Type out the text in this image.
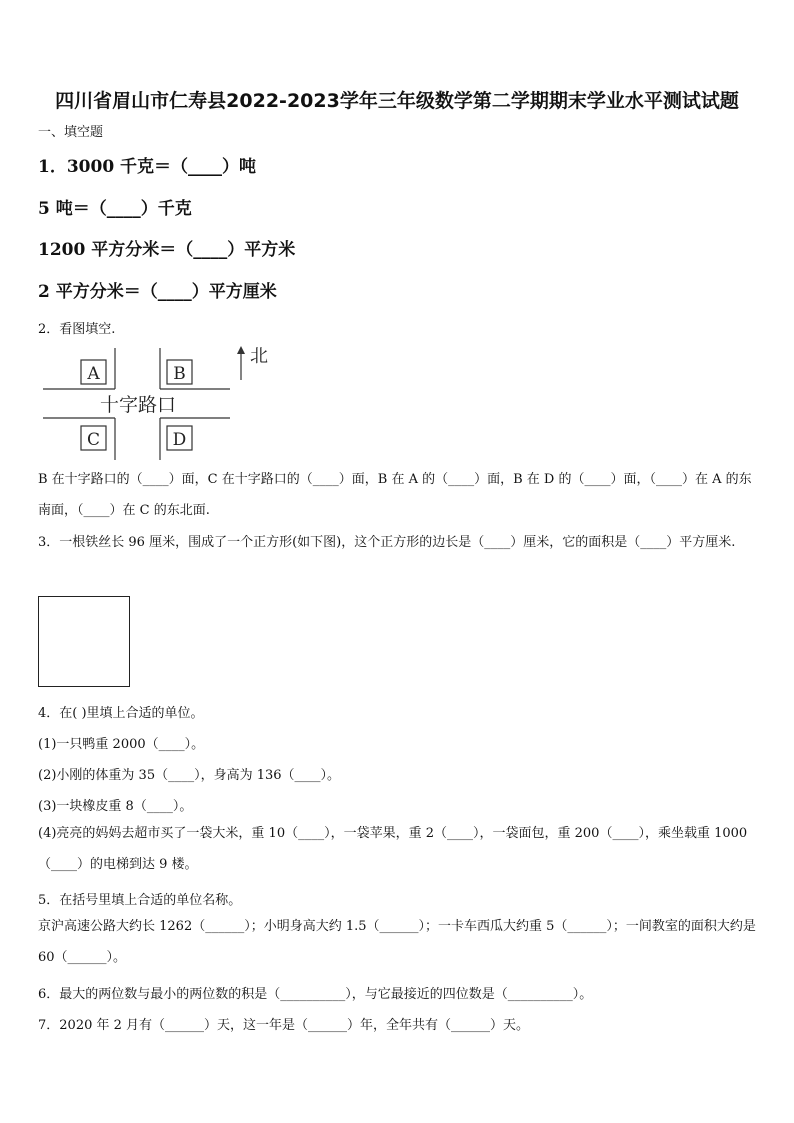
四川省眉山市仁寿县2022-2023学年三年级数学第二学期期末学业水平测试试题
一、填空题
1．3000 千克＝（____）吨
5 吨＝（____）千克
1200 平方分米＝（____）平方米
2 平方分米＝（____）平方厘米
2．看图填空.
A	B
C	D
十字路口
北
B 在十字路口的（____）面，C 在十字路口的（____）面，B 在 A 的（____）面，B 在 D 的（____）面，（____）在 A 的东南面，（____）在 C 的东北面.
3．一根铁丝长 96 厘米，围成了一个正方形(如下图)，这个正方形的边长是（____）厘米，它的面积是（____）平方厘米.
4．在( )里填上合适的单位。
(1)一只鸭重 2000（____）。
(2)小刚的体重为 35（____），身高为 136（____）。
(3)一块橡皮重 8（____）。
(4)亮亮的妈妈去超市买了一袋大米，重 10（____），一袋苹果，重 2（____），一袋面包，重 200（____），乘坐载重 1000（____）的电梯到达 9 楼。
5．在括号里填上合适的单位名称。
京沪高速公路大约长 1262（______）；小明身高大约 1.5（______）；一卡车西瓜大约重 5（______）；一间教室的面积大约是 60（______）。
6．最大的两位数与最小的两位数的积是（__________），与它最接近的四位数是（__________）。
7．2020 年 2 月有（______）天，这一年是（______）年，全年共有（______）天。
